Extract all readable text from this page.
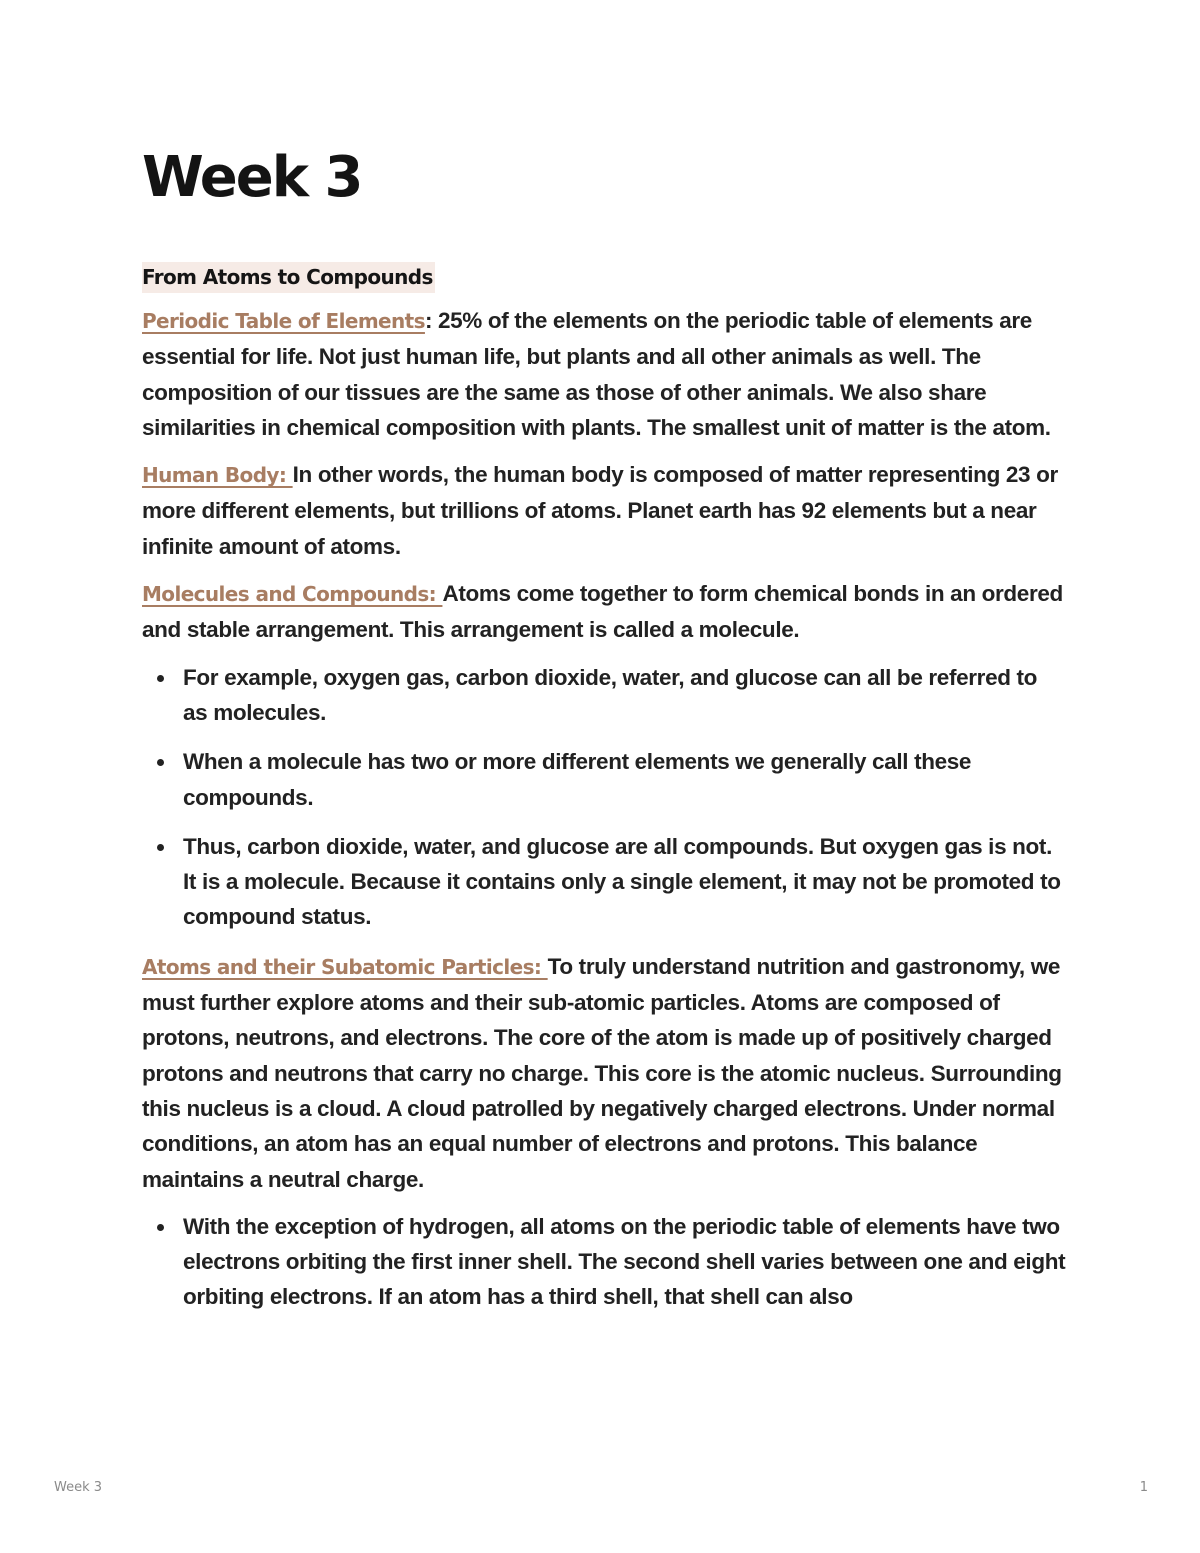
Week 3
From Atoms to Compounds

Periodic Table of Elements: 25% of the elements on the periodic table of elements are essential for life. Not just human life, but plants and all other animals as well. The composition of our tissues are the same as those of other animals. We also share similarities in chemical composition with plants. The smallest unit of matter is the atom.

Human Body: In other words, the human body is composed of matter representing 23 or more different elements, but trillions of atoms. Planet earth has 92 elements but a near infinite amount of atoms.

Molecules and Compounds: Atoms come together to form chemical bonds in an ordered and stable arrangement. This arrangement is called a molecule.

For example, oxygen gas, carbon dioxide, water, and glucose can all be referred to as molecules.
When a molecule has two or more different elements we generally call these compounds.
Thus, carbon dioxide, water, and glucose are all compounds. But oxygen gas is not. It is a molecule. Because it contains only a single element, it may not be promoted to compound status.

Atoms and their Subatomic Particles: To truly understand nutrition and gastronomy, we must further explore atoms and their sub-atomic particles. Atoms are composed of protons, neutrons, and electrons. The core of the atom is made up of positively charged protons and neutrons that carry no charge. This core is the atomic nucleus. Surrounding this nucleus is a cloud. A cloud patrolled by negatively charged electrons. Under normal conditions, an atom has an equal number of electrons and protons. This balance maintains a neutral charge.

With the exception of hydrogen, all atoms on the periodic table of elements have two
electrons orbiting the first inner shell. The second shell varies between one and eight orbiting electrons. If an atom has a third shell, that shell can also
Week 3	1
